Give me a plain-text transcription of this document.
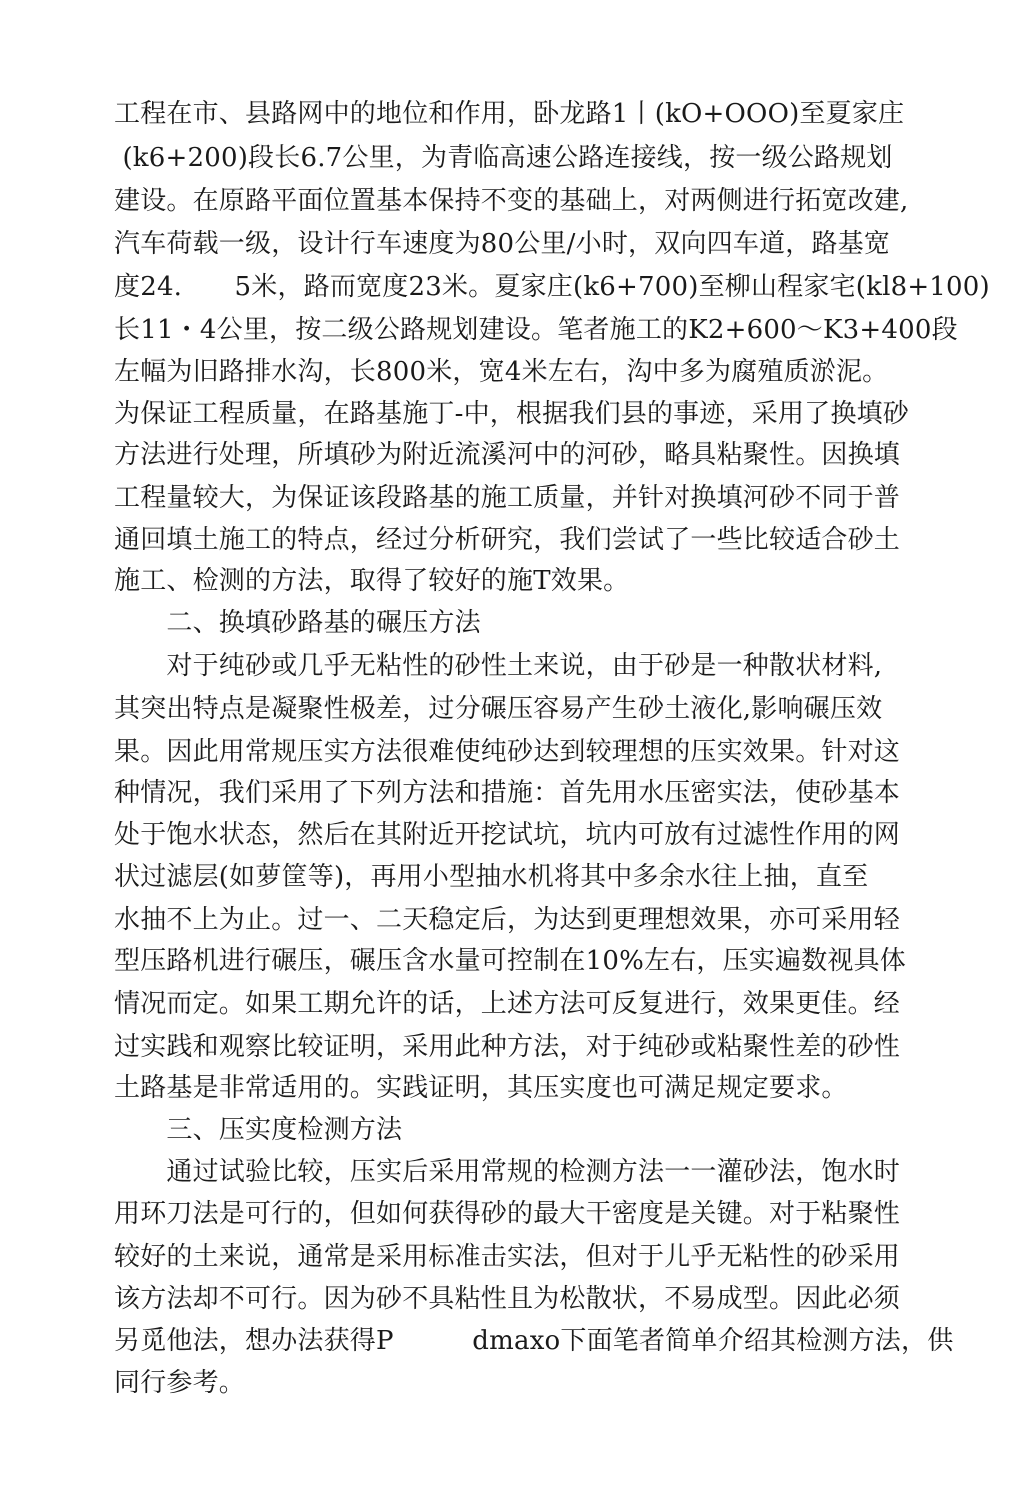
工程在市、县路网中的地位和作用，卧龙路1丨(kO+OOO)至夏家庄
(k6+200)段长6.7公里，为青临高速公路连接线，按一级公路规划
建设。在原路平面位置基本保持不变的基础上，对两侧进行拓宽改建,
汽车荷载一级，设计行车速度为80公里/小时，双向四车道，路基宽
度24.　　5米，路而宽度23米。夏家庄(k6+700)至柳山程家宅(kl8+100)
长11・4公里，按二级公路规划建设。笔者施工的K2+600〜K3+400段
左幅为旧路排水沟，长800米，宽4米左右，沟中多为腐殖质淤泥。
为保证工程质量，在路基施丁-中，根据我们县的事迹，采用了换填砂
方法进行处理，所填砂为附近流溪河中的河砂，略具粘聚性。因换填
工程量较大，为保证该段路基的施工质量，并针对换填河砂不同于普
通回填土施工的特点，经过分析研究，我们尝试了一些比较适合砂土
施工、检测的方法，取得了较好的施T效果。
　　二、换填砂路基的碾压方法
　　对于纯砂或几乎无粘性的砂性土来说，由于砂是一种散状材料,
其突出特点是凝聚性极差，过分碾压容易产生砂土液化,影响碾压效
果。因此用常规压实方法很难使纯砂达到较理想的压实效果。针对这
种情况，我们采用了下列方法和措施：首先用水压密实法，使砂基本
处于饱水状态，然后在其附近开挖试坑，坑内可放有过滤性作用的网
状过滤层(如萝筐等)，再用小型抽水机将其中多余水往上抽，直至
水抽不上为止。过一、二天稳定后，为达到更理想效果，亦可采用轻
型压路机进行碾压，碾压含水量可控制在10%左右，压实遍数视具体
情况而定。如果工期允许的话，上述方法可反复进行，效果更佳。经
过实践和观察比较证明，采用此种方法，对于纯砂或粘聚性差的砂性
土路基是非常适用的。实践证明，其压实度也可满足规定要求。
　　三、压实度检测方法
　　通过试验比较，压实后采用常规的检测方法一一灌砂法，饱水时
用环刀法是可行的，但如何获得砂的最大干密度是关键。对于粘聚性
较好的土来说，通常是采用标准击实法，但对于儿乎无粘性的砂采用
该方法却不可行。因为砂不具粘性且为松散状，不易成型。因此必须
另觅他法，想办法获得P　　　dmaxo下面笔者简单介绍其检测方法，供
同行参考。
